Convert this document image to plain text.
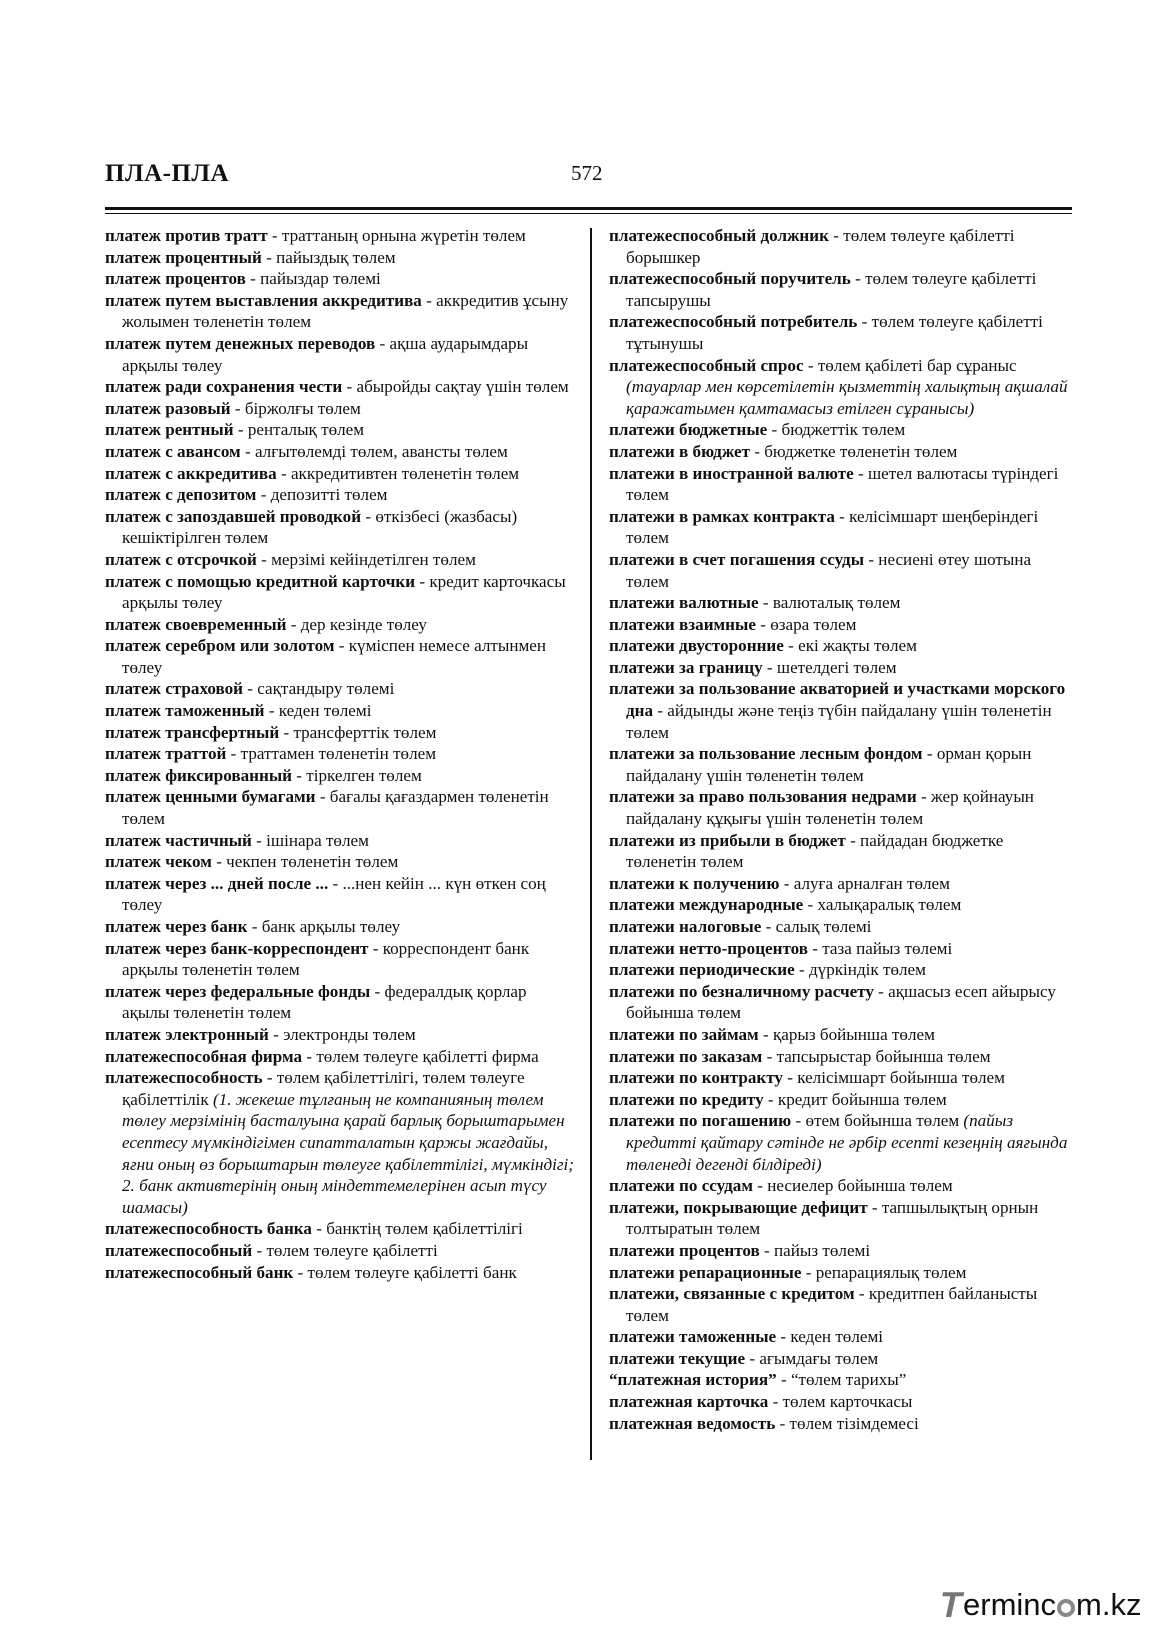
ПЛА-ПЛА	572

платеж против тратт - траттаның орнына жүретін төлем

платеж процентный - пайыздық төлем

платеж процентов - пайыздар төлемі

платеж путем выставления аккредитива - аккредитив ұсыну жолымен төленетін төлем

платеж путем денежных переводов - ақша аударымдары арқылы төлеу

платеж ради сохранения чести - абыройды сақтау үшін төлем

платеж разовый - біржолғы төлем

платеж рентный - ренталық төлем

платеж с авансом - алғытөлемді төлем, авансты төлем

платеж с аккредитива - аккредитивтен төленетін төлем

платеж с депозитом - депозитті төлем

платеж с запоздавшей проводкой - өткізбесі (жазбасы) кешіктірілген төлем

платеж с отсрочкой - мерзімі кейіндетілген төлем

платеж с помощью кредитной карточки - кредит карточкасы арқылы төлеу

платеж своевременный - дер кезінде төлеу

платеж серебром или золотом - күміспен немесе алтынмен төлеу

платеж страховой - сақтандыру төлемі

платеж таможенный - кеден төлемі

платеж трансфертный - трансферттік төлем

платеж траттой - траттамен төленетін төлем

платеж фиксированный - тіркелген төлем

платеж ценными бумагами - бағалы қағаздармен төленетін төлем

платеж частичный - ішінара төлем

платеж чеком - чекпен төленетін төлем

платеж через ... дней после ... - ...нен кейін ... күн өткен соң төлеу

платеж через банк - банк арқылы төлеу

платеж через банк-корреспондент - корреспондент банк арқылы төленетін төлем

платеж через федеральные фонды - федералдық қорлар ақылы төленетін төлем

платеж электронный - электронды төлем

платежеспособная фирма - төлем төлеуге қабілетті фирма

платежеспособность - төлем қабілеттілігі, төлем төлеуге қабілеттілік (1. жекеше тұлғаның не компанияның төлем төлеу мерзімінің басталуына қарай барлық борыштарымен есептесу мүмкіндігімен сипатталатын қаржы жағдайы, яғни оның өз борыштарын төлеуге қабілеттілігі, мүмкіндігі; 2. банк активтерінің оның міндеттемелерінен асып түсу шамасы)

платежеспособность банка - банктің төлем қабілеттілігі

платежеспособный - төлем төлеуге қабілетті

платежеспособный банк - төлем төлеуге қабілетті банк

платежеспособный должник - төлем төлеуге қабілетті борышкер

платежеспособный поручитель - төлем төлеуге қабілетті тапсырушы

платежеспособный потребитель - төлем төлеуге қабілетті тұтынушы

платежеспособный спрос - төлем қабілеті бар сұраныс (тауарлар мен көрсетілетін қызметтің халықтың ақшалай қаражатымен қамтамасыз етілген сұранысы)

платежи бюджетные - бюджеттік төлем

платежи в бюджет - бюджетке төленетін төлем

платежи в иностранной валюте - шетел валютасы түріндегі төлем

платежи в рамках контракта - келісімшарт шеңберіндегі төлем

платежи в счет погашения ссуды - несиені өтеу шотына төлем

платежи валютные - валюталық төлем

платежи взаимные - өзара төлем

платежи двусторонние - екі жақты төлем

платежи за границу - шетелдегі төлем

платежи за пользование акваторией и участками морского дна - айдынды және теңіз түбін пайдалану үшін төленетін төлем

платежи за пользование лесным фондом - орман қорын пайдалану үшін төленетін төлем

платежи за право пользования недрами - жер қойнауын пайдалану құқығы үшін төленетін төлем

платежи из прибыли в бюджет - пайдадан бюджетке төленетін төлем

платежи к получению - алуға арналған төлем

платежи международные - халықаралық төлем

платежи налоговые - салық төлемі

платежи нетто-процентов - таза пайыз төлемі

платежи периодические - дүркіндік төлем

платежи по безналичному расчету - ақшасыз есеп айырысу бойынша төлем

платежи по займам - қарыз бойынша төлем

платежи по заказам - тапсырыстар бойынша төлем

платежи по контракту - келісімшарт бойынша төлем

платежи по кредиту - кредит бойынша төлем

платежи по погашению - өтем бойынша төлем (пайыз кредитті қайтару сәтінде не әрбір есепті кезеңнің аяғында төленеді дегенді білдіреді)

платежи по ссудам - несиелер бойынша төлем

платежи, покрывающие дефицит - тапшылықтың орнын толтыратын төлем

платежи процентов - пайыз төлемі

платежи репарационные - репарациялық төлем

платежи, связанные с кредитом - кредитпен байланысты төлем

платежи таможенные - кеден төлемі

платежи текущие - ағымдағы төлем

“платежная история” - “төлем тарихы”

платежная карточка - төлем карточкасы

платежная ведомость - төлем тізімдемесі

T
erminc m.kz
